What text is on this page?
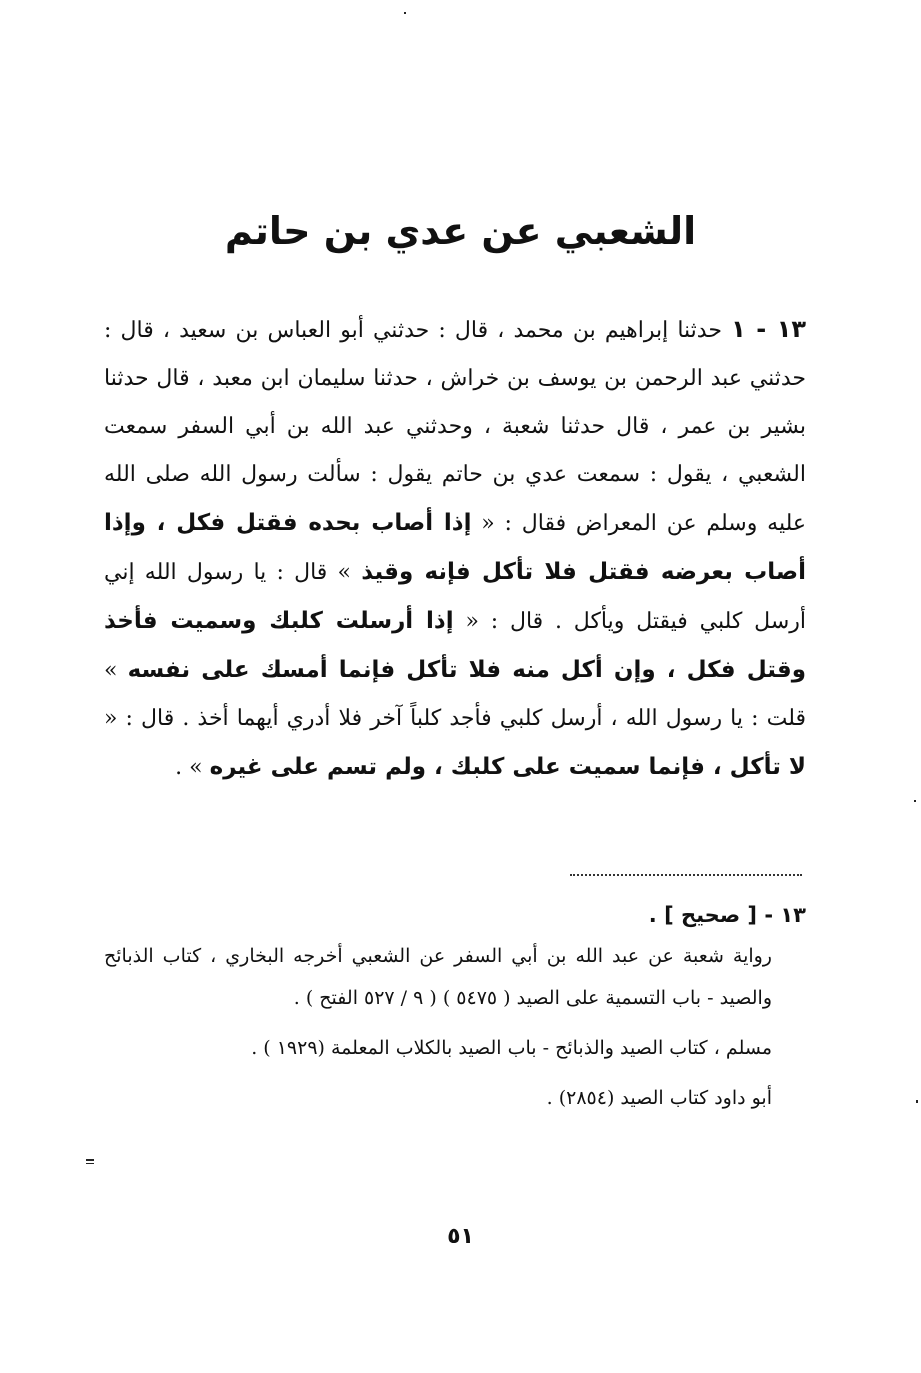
الشعبي عن عدي بن حاتم

١٣ - ١ حدثنا إبراهيم بن محمد ، قال : حدثني أبو العباس بن سعيد ، قال : حدثني عبد الرحمن بن يوسف بن خراش ، حدثنا سليمان ابن معبد ، قال حدثنا بشير بن عمر ، قال حدثنا شعبة ، وحدثني عبد الله بن أبي السفر سمعت الشعبي ، يقول : سمعت عدي بن حاتم يقول : سألت رسول الله صلى الله عليه وسلم عن المعراض فقال : « إذا أصاب بحده فقتل فكل ، وإذا أصاب بعرضه فقتل فلا تأكل فإنه وقيذ » قال : يا رسول الله إني أرسل كلبي فيقتل ويأكل . قال : « إذا أرسلت كلبك وسميت فأخذ وقتل فكل ، وإن أكل منه فلا تأكل فإنما أمسك على نفسه » قلت : يا رسول الله ، أرسل كلبي فأجد كلباً آخر فلا أدري أيهما أخذ . قال : « لا تأكل ، فإنما سميت على كلبك ، ولم تسم على غيره » .

١٣ - [ صحيح ] .

رواية شعبة عن عبد الله بن أبي السفر عن الشعبي أخرجه البخاري ، كتاب الذبائح والصيد - باب التسمية على الصيد ( ٥٤٧٥ ) ( ٩ / ٥٢٧ الفتح ) .

مسلم ، كتاب الصيد والذبائح - باب الصيد بالكلاب المعلمة (١٩٢٩ ) .

أبو داود كتاب الصيد (٢٨٥٤) .

٥١
